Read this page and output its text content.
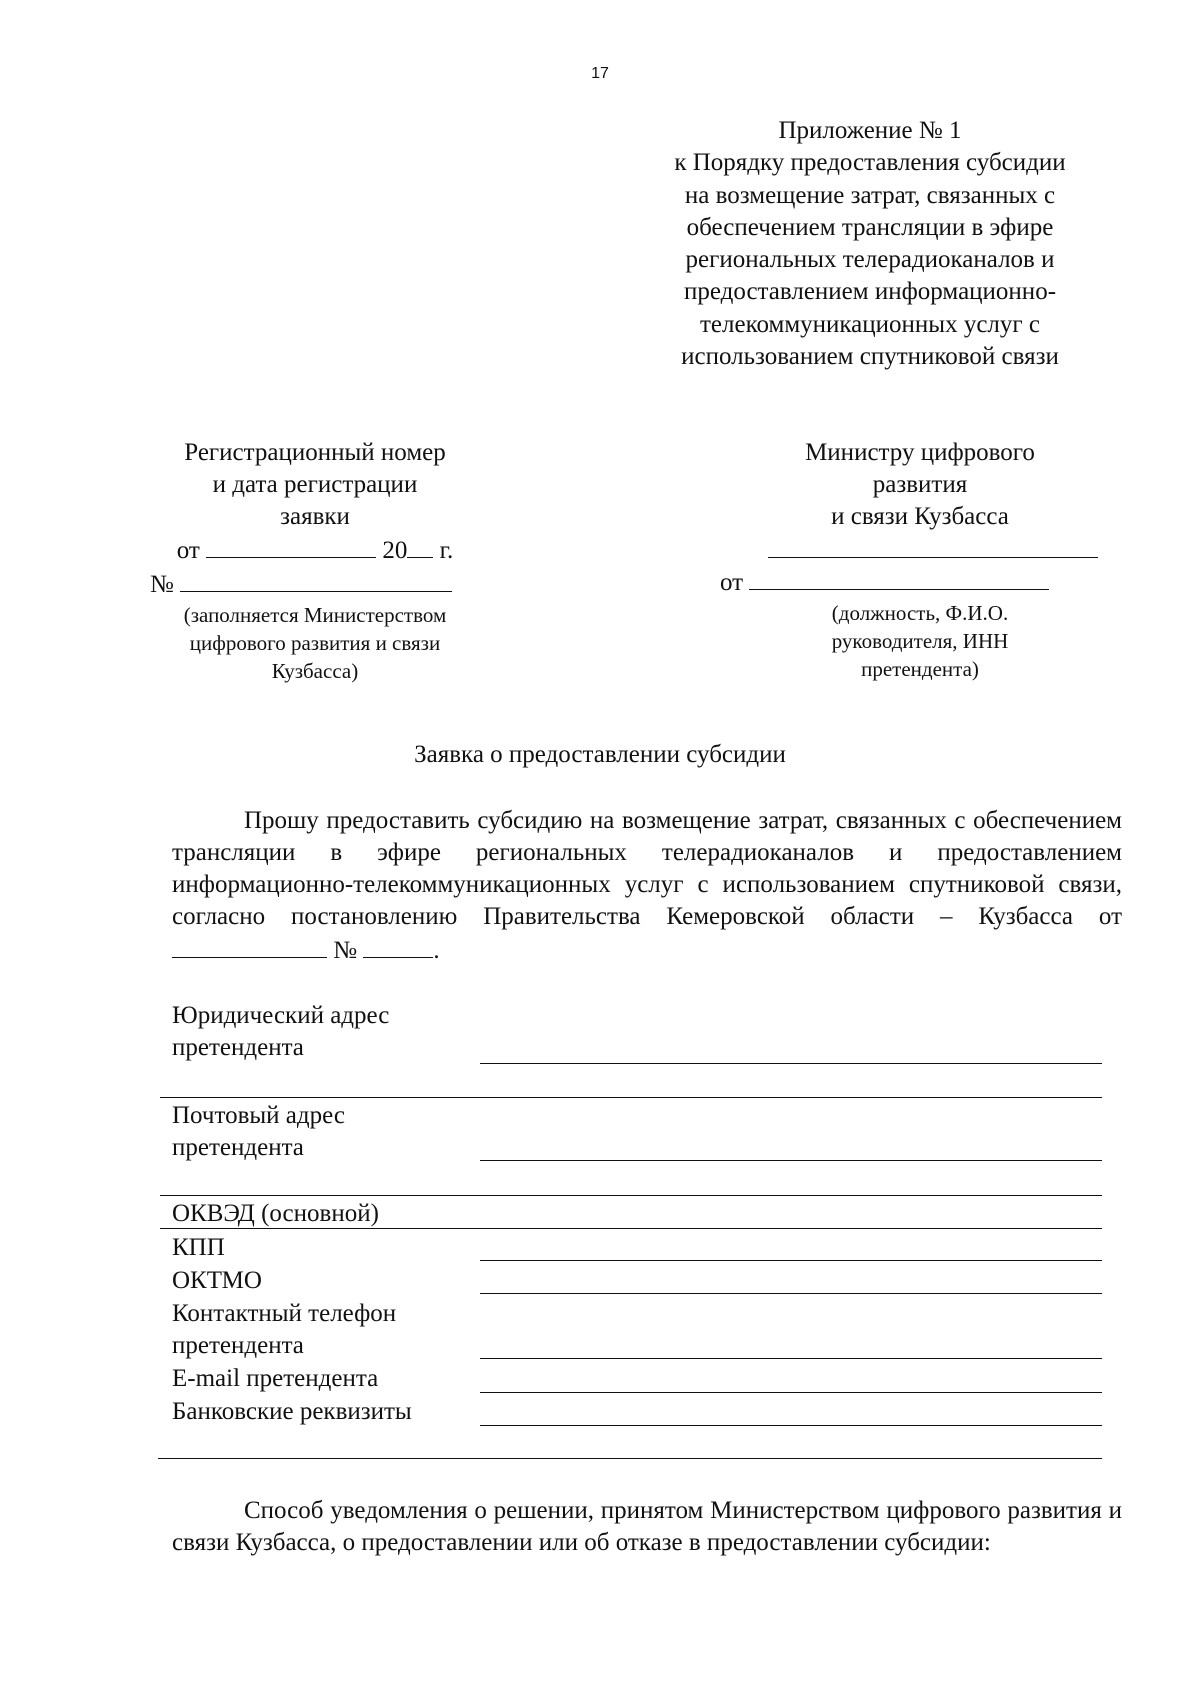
17
Приложение № 1
к Порядку предоставления субсидии
на возмещение затрат, связанных с
обеспечением трансляции в эфире
региональных телерадиоканалов и
предоставлением информационно-
телекоммуникационных услуг с
использованием спутниковой связи
Регистрационный номер
и дата регистрации
заявки
от	20 г.
№
(заполняется Министерством
цифрового развития и связи
Кузбасса)
Министру цифрового
развития
и связи Кузбасса
от
(должность, Ф.И.О.
руководителя, ИНН
претендента)
Заявка о предоставлении субсидии

Прошу предоставить субсидию на возмещение затрат, связанных с обеспечением трансляции в эфире региональных телерадиоканалов и предоставлением информационно-телекоммуникационных услуг с использованием спутниковой связи, согласно постановлению Правительства Кемеровской области – Кузбасса от  №	.

Юридический адрес
претендента
Почтовый адрес
претендента
ОКВЭД (основной)
КПП
ОКТМО
Контактный телефон
претендента
E-mail претендента
Банковские реквизиты

Способ уведомления о решении, принятом Министерством цифрового развития и связи Кузбасса, о предоставлении или об отказе в предоставлении субсидии:
